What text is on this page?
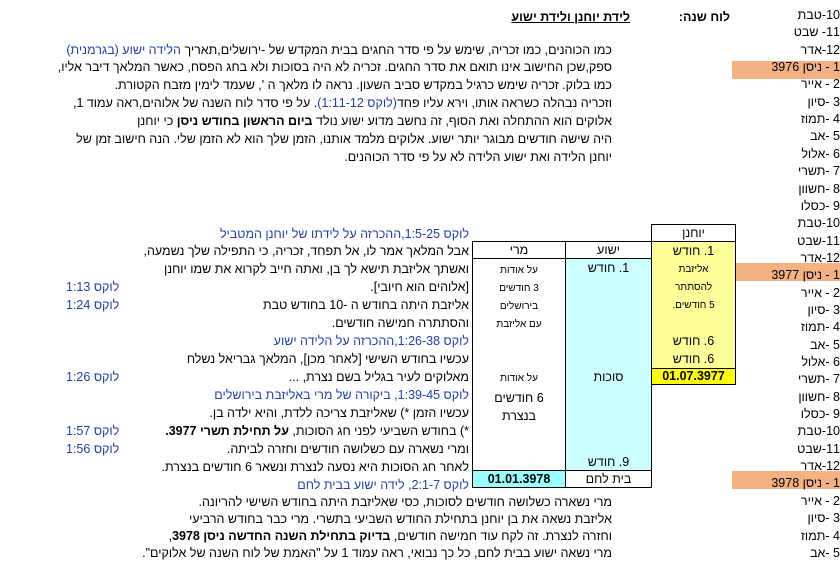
לוח שנה:
לידת יוחנן ולידת ישוע	10-טבת
11- שבט
12-אדר
1 - ניסן 3976
2 - אייר
3 -סיון
4 -תמוז
5 -אב
6 -אלול
7 -תשרי
8 -חשוון
9 -כסלו
10-טבת
11-שבט
12-אדר
1 - ניסן 3977
2 - אייר
3 -סיון
4 -תמוז
5 -אב
6 -אלול
7 -תשרי
8 -חשוון
9 -כסלו
10-טבת
11-שבט
12-אדר
1 - ניסן 3978
2 - אייר
3 -סיון
4 -תמוז
5 -אב
כמו הכוהנים, כמו זכריה, שימש על פי סדר החגים בבית המקדש של -ירושלים,תאריך הלידה ישוע (בגרמנית)
ספק,שכן החישוב אינו תואם את סדר החגים. זכריה לא היה בסוכות ולא בחג הפסח, כאשר המלאך דיבר אליו,
כמו בלוק. זכריה שימש כרגיל במקדש סביב השעון. נראה לו מלאך ה ', שעמד לימין מזבח הקטורת.
וזכריה נבהלה כשראה אותו, וירא עליו פחד(לוקס 1:11-12). על פי סדר לוח השנה של אלוהים,ראה עמוד 1,
אלוקים הוא ההתחלה ואת הסוף, זה נחשב מדוע ישוע נולד ביום הראשון בחודש ניסן כי יוחנן
היה שישה חודשים מבוגר יותר ישוע. אלוקים מלמד אותנו, הזמן שלך הוא לא הזמן שלי. הנה חישוב זמן של
יוחנן הלידה ואת ישוע הלידה לא על פי סדר הכוהנים.
לוקס 1:5-25,ההכרזה על לידתו של יוחנן המטביל
אבל המלאך אמר לו, אל תפחד, זכריה, כי התפילה שלך נשמעה,
ואשתך אליזבת תישא לך בן, ואתה חייב לקרוא את שמו יוחנן
[אלוהים הוא חיובי].
לוקס 1:13
אליזבת היתה בחודש ה -10 בחודש טבת
לוקס 1:24
והסתתרה חמישה חודשים.
לוקס 1:26-38,ההכרזה על הלידה ישוע
עכשיו בחודש השישי [לאחר מכן], המלאך גבריאל נשלח
מאלוקים לעיר בגליל בשם נצרת, ...
לוקס 1:26
לוקס 1:39-45, ביקורה של מרי באליזבת בירושלים
עכשיו הזמן *) שאליזבת צריכה ללדת, והיא ילדה בן.
*) בחודש השביעי לפני חג הסוכות, על תחילת תשרי 3977.
לוקס 1:57
ומרי נשארה עם כשלושה חודשים וחזרה לביתה.
לוקס 1:56
לאחר חג הסוכות היא נסעה לנצרת ונשאר 6 חודשים בנצרת.
לוקס 2:1-7, לידה ישוע בבית לחם
מרי נשארה כשלושה חודשים לסוכות, כסי שאליזבת היתה בחודש השישי להריונה.
אליזבת נשאה את בן יוחנן בתחילת החודש השביעי בתשרי. מרי כבר בחודש הרביעי
וחזרה לנצרת. זה לקח עוד חמישה חודשים, בדיוק בתחילת השנה החדשה ניסן 3978,
מרי נשאה ישוע בבית לחם, כל כך נבואי, ראה עמוד 1 על "האמת של לוח השנה של אלוקים".
יוחנן
1. חודש
אליזבת
להסתתר
5 חודשים.
6. חודש
6. חודש
01.07.3977
ישוע
1. חודש
סוכות
9. חודש
בית לחם
מרי
01.01.3978
על אודות
3 חודשים
בירושלים
עם אליזבת
על אודות
6 חודשים
בנצרת
